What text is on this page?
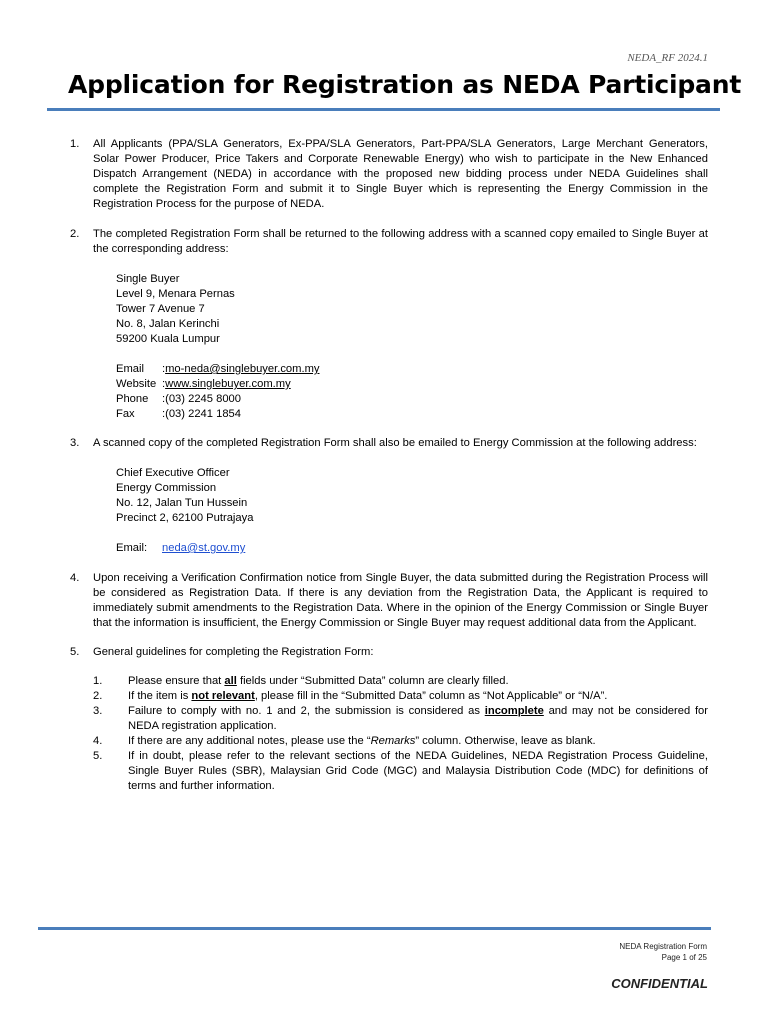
NEDA_RF 2024.1
Application for Registration as NEDA Participant
1.	All Applicants (PPA/SLA Generators, Ex-PPA/SLA Generators, Part-PPA/SLA Generators, Large Merchant Generators, Solar Power Producer, Price Takers and Corporate Renewable Energy) who wish to participate in the New Enhanced Dispatch Arrangement (NEDA) in accordance with the proposed new bidding process under NEDA Guidelines shall complete the Registration Form and submit it to Single Buyer which is representing the Energy Commission in the Registration Process for the purpose of NEDA.
2.	The completed Registration Form shall be returned to the following address with a scanned copy emailed to Single Buyer at the corresponding address:
Single Buyer
Level 9, Menara Pernas
Tower 7 Avenue 7
No. 8, Jalan Kerinchi
59200 Kuala Lumpur
Email	: mo-neda@singlebuyer.com.my
Website : www.singlebuyer.com.my
Phone	: (03) 2245 8000
Fax	: (03) 2241 1854
3.	A scanned copy of the completed Registration Form shall also be emailed to Energy Commission at the following address:
Chief Executive Officer
Energy Commission
No. 12, Jalan Tun Hussein
Precinct 2, 62100 Putrajaya
Email:	neda@st.gov.my
4.	Upon receiving a Verification Confirmation notice from Single Buyer, the data submitted during the Registration Process will be considered as Registration Data. If there is any deviation from the Registration Data, the Applicant is required to immediately submit amendments to the Registration Data. Where in the opinion of the Energy Commission or Single Buyer that the information is insufficient, the Energy Commission or Single Buyer may request additional data from the Applicant.
5.	General guidelines for completing the Registration Form:
1.	Please ensure that all fields under “Submitted Data” column are clearly filled.
2.	If the item is not relevant, please fill in the “Submitted Data” column as “Not Applicable” or “N/A”.
3.	Failure to comply with no. 1 and 2, the submission is considered as incomplete and may not be considered for NEDA registration application.
4.	If there are any additional notes, please use the “Remarks” column. Otherwise, leave as blank.
5.	If in doubt, please refer to the relevant sections of the NEDA Guidelines, NEDA Registration Process Guideline, Single Buyer Rules (SBR), Malaysian Grid Code (MGC) and Malaysia Distribution Code (MDC) for definitions of terms and further information.
NEDA Registration Form
Page 1 of 25
CONFIDENTIAL
